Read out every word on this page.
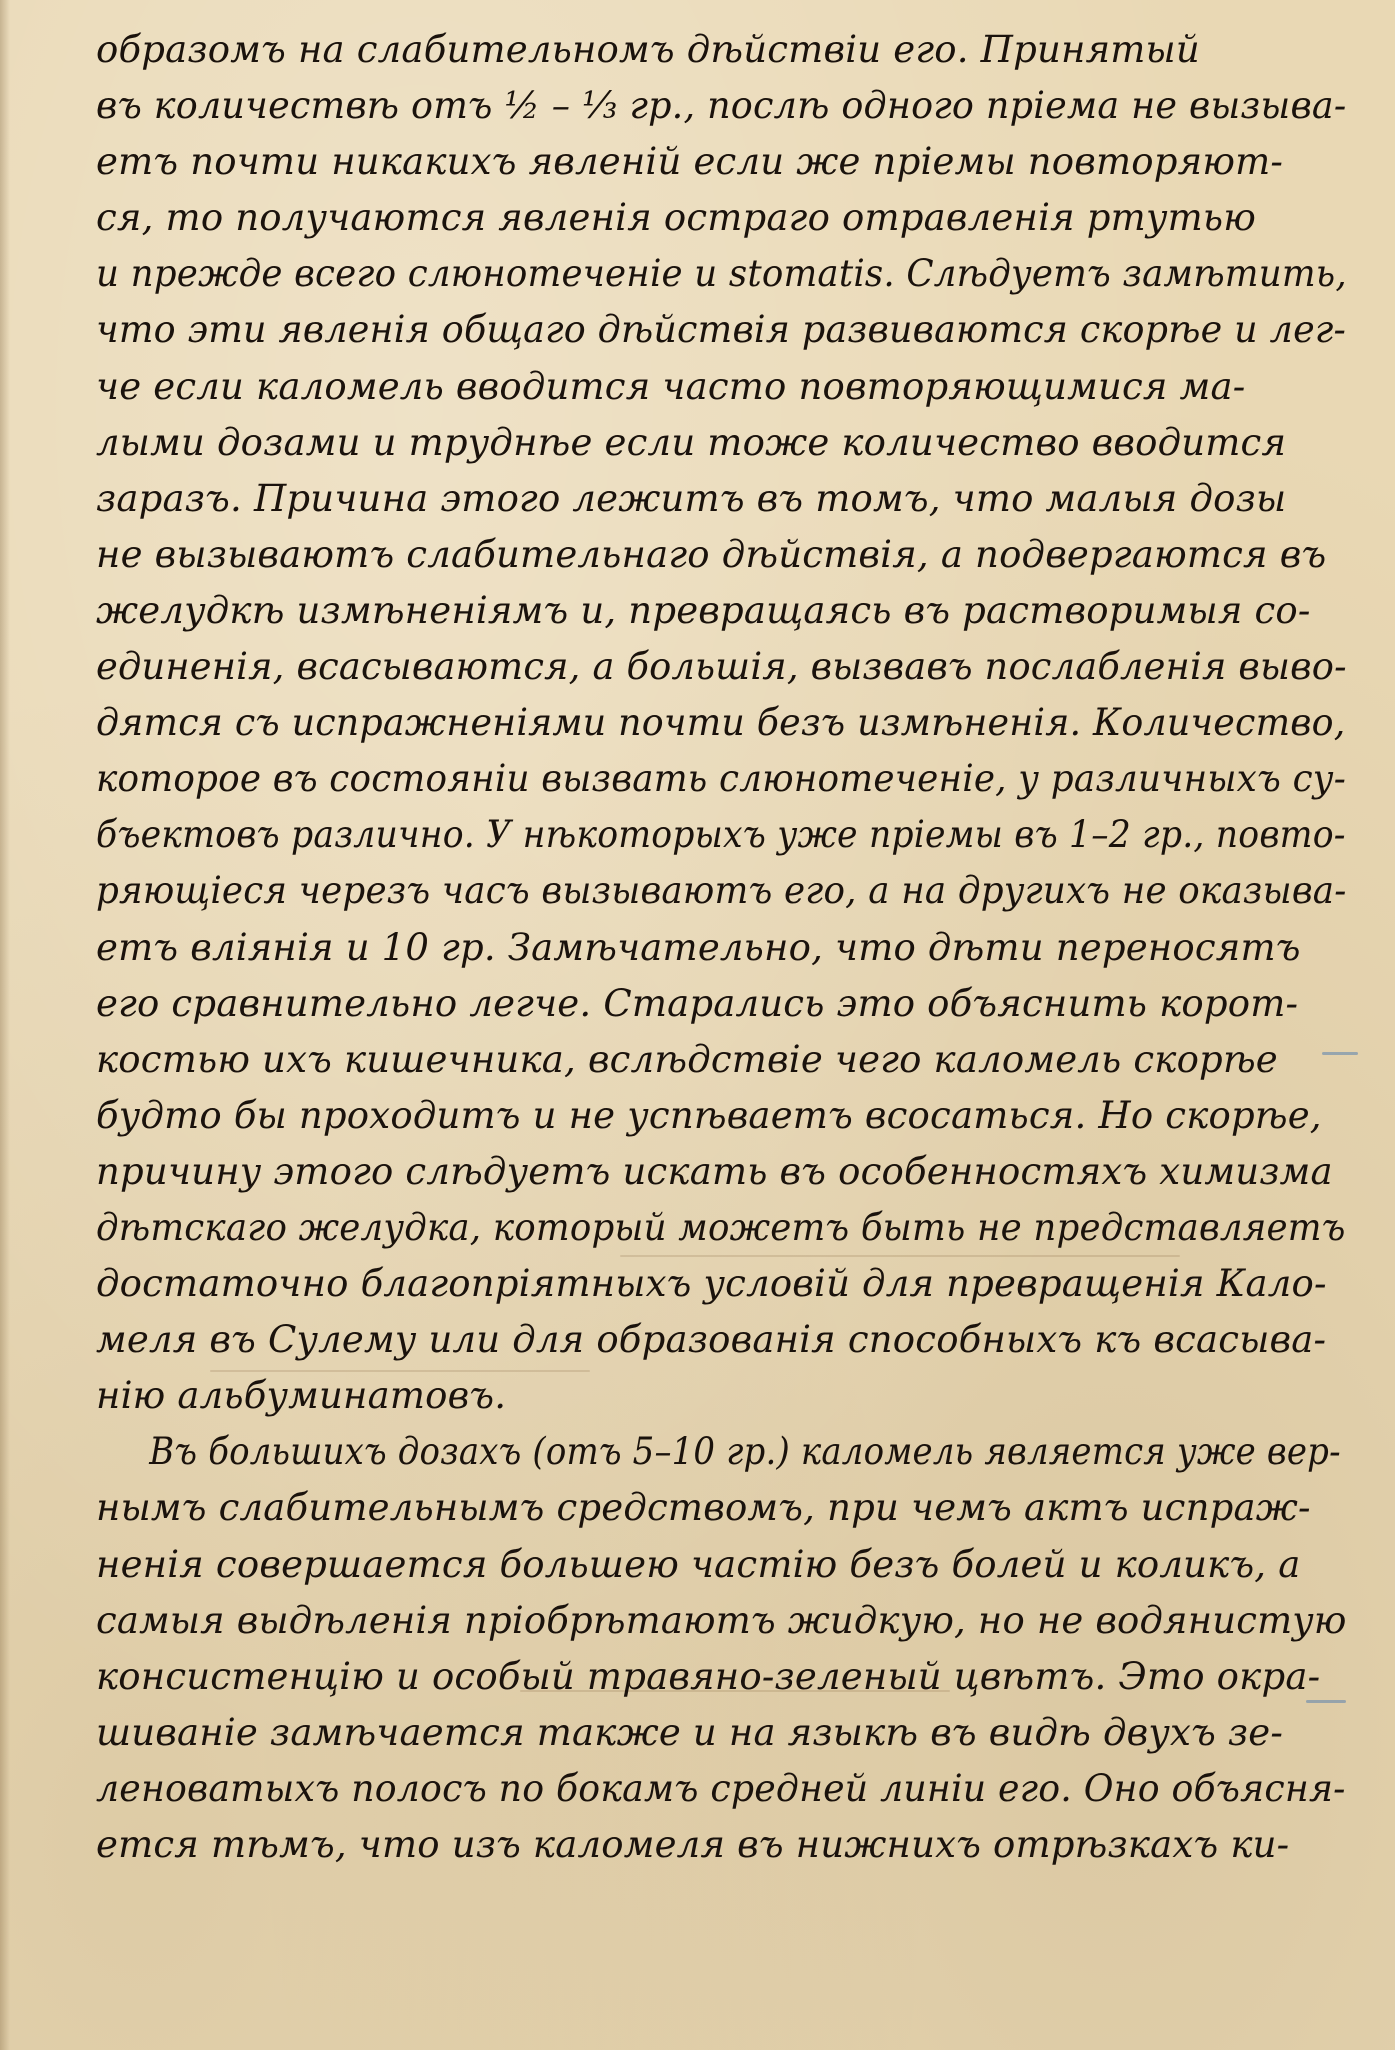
образомъ на слабительномъ дѣйствіи его. Принятый
въ количествѣ отъ ½ – ⅓ гр., послѣ одного пріема не вызыва-
етъ почти никакихъ явленій если же пріемы повторяют-
ся, то получаются явленія остраго отравленія ртутью
и прежде всего слюнотеченіе и stomatis. Слѣдуетъ замѣтить,
что эти явленія общаго дѣйствія развиваются скорѣе и лег-
че если каломель вводится часто повторяющимися ма-
лыми дозами и труднѣе если тоже количество вводится
заразъ. Причина этого лежитъ въ томъ, что малыя дозы
не вызываютъ слабительнаго дѣйствія, а подвергаются въ
желудкѣ измѣненіямъ и, превращаясь въ растворимыя со-
единенія, всасываются, а большія, вызвавъ послабленія выво-
дятся съ испражненіями почти безъ измѣненія. Количество,
которое въ состояніи вызвать слюнотеченіе, у различныхъ су-
бъектовъ различно. У нѣкоторыхъ уже пріемы въ 1–2 гр., повто-
ряющіеся черезъ часъ вызываютъ его, а на другихъ не оказыва-
етъ вліянія и 10 гр. Замѣчательно, что дѣти переносятъ
его сравнительно легче. Старались это объяснить корот-
костью ихъ кишечника, вслѣдствіе чего каломель скорѣе
будто бы проходитъ и не успѣваетъ всосаться. Но скорѣе,
причину этого слѣдуетъ искать въ особенностяхъ химизма
дѣтскаго желудка, который можетъ быть не представляетъ
достаточно благопріятныхъ условій для превращенія Кало-
меля въ Сулему или для образованія способныхъ къ всасыва-
нію альбуминатовъ.
Въ большихъ дозахъ (отъ 5–10 гр.) каломель является уже вер-
нымъ слабительнымъ средствомъ, при чемъ актъ испраж-
ненія совершается большею частію безъ болей и коликъ, а
самыя выдѣленія пріобрѣтаютъ жидкую, но не водянистую
консистенцію и особый травяно-зеленый цвѣтъ. Это окра-
шиваніе замѣчается также и на языкѣ въ видѣ двухъ зе-
леноватыхъ полосъ по бокамъ средней линіи его. Оно объясня-
ется тѣмъ, что изъ каломеля въ нижнихъ отрѣзкахъ ки-
